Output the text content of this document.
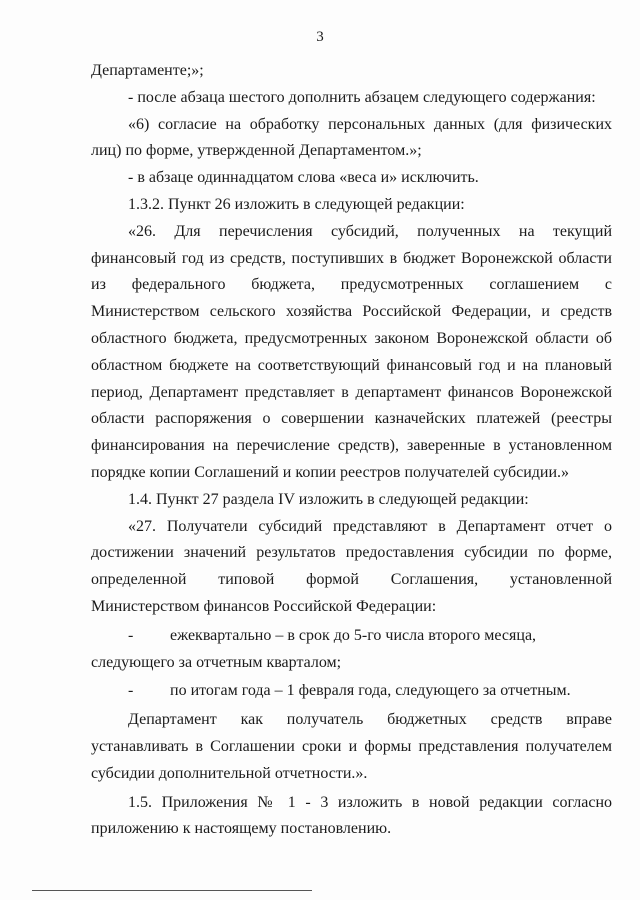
3

Департаменте;»;

- после абзаца шестого дополнить абзацем следующего содержания:

«6) согласие на обработку персональных данных (для физических лиц) по форме, утвержденной Департаментом.»;

- в абзаце одиннадцатом слова «веса и» исключить.

1.3.2. Пункт 26 изложить в следующей редакции:

«26. Для перечисления субсидий, полученных на текущий финансовый год из средств, поступивших в бюджет Воронежской области из федерального бюджета, предусмотренных соглашением с Министерством сельского хозяйства Российской Федерации, и средств областного бюджета, предусмотренных законом Воронежской области об областном бюджете на соответствующий финансовый год и на плановый период, Департамент представляет в департамент финансов Воронежской области распоряжения о совершении казначейских платежей (реестры финансирования на перечисление средств), заверенные в установленном порядке копии Соглашений и копии реестров получателей субсидии.»

1.4. Пункт 27 раздела IV изложить в следующей редакции:

«27. Получатели субсидий представляют в Департамент отчет о достижении значений результатов предоставления субсидии по форме, определенной типовой формой Соглашения, установленной Министерством финансов Российской Федерации:

- ежеквартально – в срок до 5-го числа второго месяца, следующего за отчетным кварталом;

- по итогам года – 1 февраля года, следующего за отчетным.

Департамент как получатель бюджетных средств вправе устанавливать в Соглашении сроки и формы представления получателем субсидии дополнительной отчетности.».

1.5. Приложения № 1 - 3 изложить в новой редакции согласно приложению к настоящему постановлению.
